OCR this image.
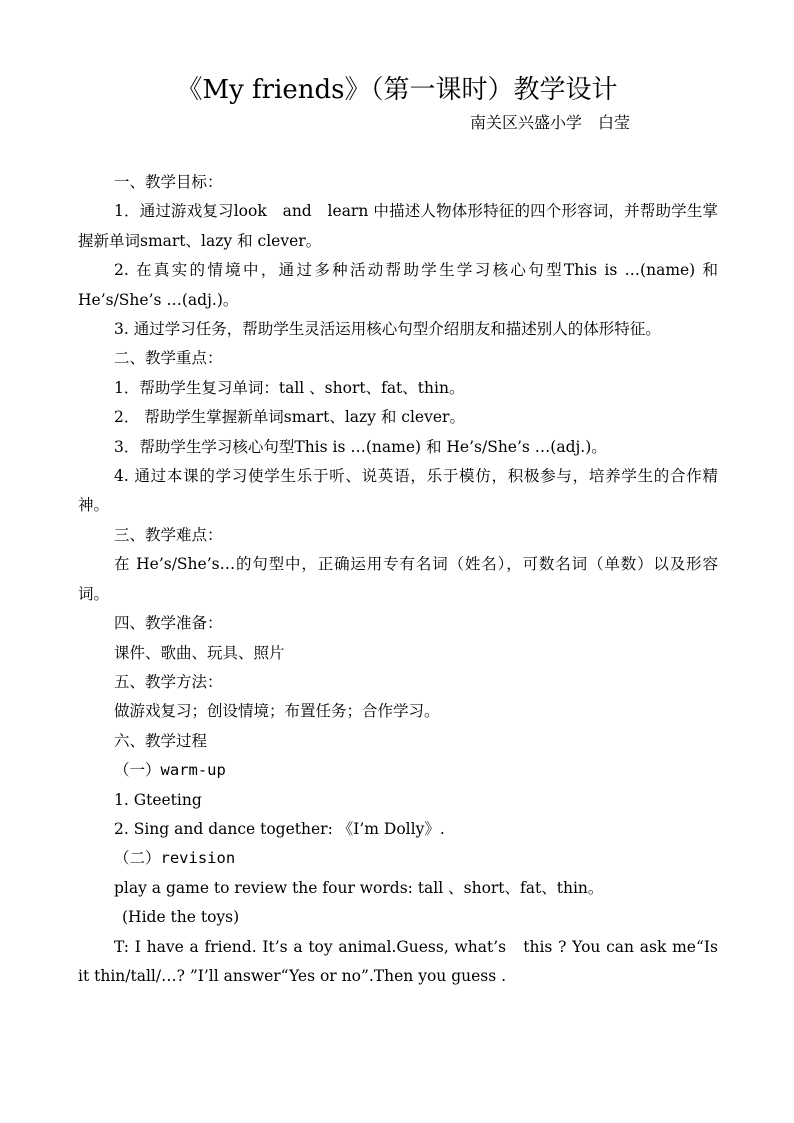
《My friends》（第一课时）教学设计
南关区兴盛小学　白莹

一、教学目标：

1．通过游戏复习look　and　learn 中描述人物体形特征的四个形容词，并帮助学生掌握新单词smart、lazy 和 clever。

2. 在真实的情境中，通过多种活动帮助学生学习核心句型This is …(name) 和 He’s/She’s …(adj.)。

3. 通过学习任务，帮助学生灵活运用核心句型介绍朋友和描述别人的体形特征。

二、教学重点：

1．帮助学生复习单词：tall 、short、fat、thin。

2． 帮助学生掌握新单词smart、lazy 和 clever。

3．帮助学生学习核心句型This is …(name) 和 He’s/She’s …(adj.)。

4. 通过本课的学习使学生乐于听、说英语，乐于模仿，积极参与，培养学生的合作精神。

三、教学难点：

在 He’s/She’s…的句型中，正确运用专有名词（姓名），可数名词（单数）以及形容词。

四、教学准备：

课件、歌曲、玩具、照片

五、教学方法：

做游戏复习；创设情境；布置任务；合作学习。

六、教学过程

（一）warm-up

1. Gteeting

2. Sing and dance together: 《I’m Dolly》.

（二）revision

play a game to review the four words: tall 、short、fat、thin。

(Hide the toys)

T: I have a friend. It’s a toy animal.Guess, what’s　this ? You can ask me“Is it thin/tall/…? ”I’ll answer“Yes or no”.Then you guess .
